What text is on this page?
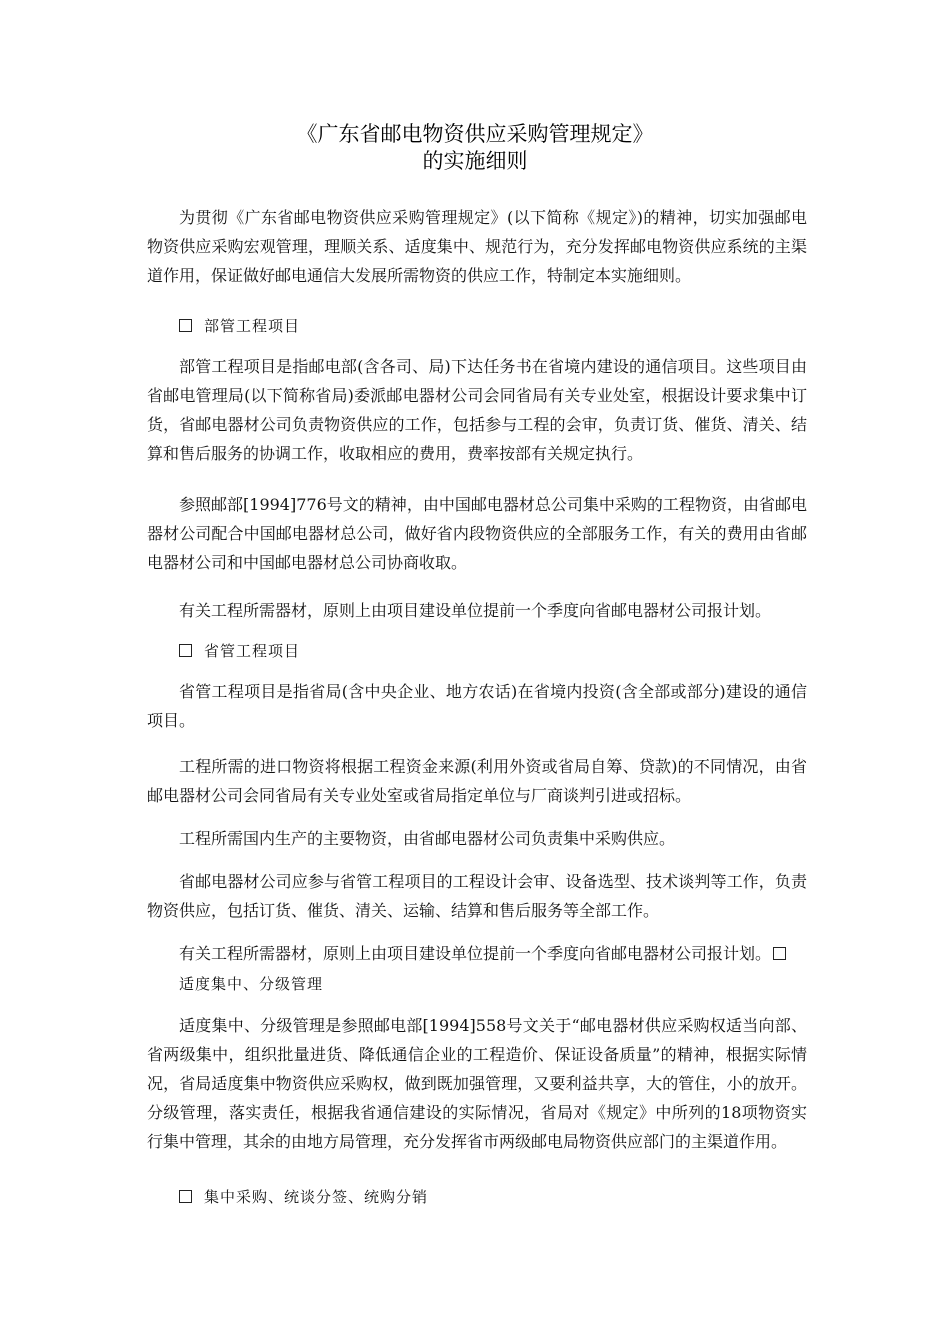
《广东省邮电物资供应采购管理规定》
的实施细则
为贯彻《广东省邮电物资供应采购管理规定》(以下简称《规定》)的精神，切实加强邮电物资供应采购宏观管理，理顺关系、适度集中、规范行为，充分发挥邮电物资供应系统的主渠道作用，保证做好邮电通信大发展所需物资的供应工作，特制定本实施细则。
部管工程项目
部管工程项目是指邮电部(含各司、局)下达任务书在省境内建设的通信项目。这些项目由省邮电管理局(以下简称省局)委派邮电器材公司会同省局有关专业处室，根据设计要求集中订货，省邮电器材公司负责物资供应的工作，包括参与工程的会审，负责订货、催货、清关、结算和售后服务的协调工作，收取相应的费用，费率按部有关规定执行。
参照邮部[1994]776号文的精神，由中国邮电器材总公司集中采购的工程物资，由省邮电器材公司配合中国邮电器材总公司，做好省内段物资供应的全部服务工作，有关的费用由省邮电器材公司和中国邮电器材总公司协商收取。
有关工程所需器材，原则上由项目建设单位提前一个季度向省邮电器材公司报计划。
省管工程项目
省管工程项目是指省局(含中央企业、地方农话)在省境内投资(含全部或部分)建设的通信项目。
工程所需的进口物资将根据工程资金来源(利用外资或省局自筹、贷款)的不同情况，由省邮电器材公司会同省局有关专业处室或省局指定单位与厂商谈判引进或招标。
工程所需国内生产的主要物资，由省邮电器材公司负责集中采购供应。
省邮电器材公司应参与省管工程项目的工程设计会审、设备选型、技术谈判等工作，负责物资供应，包括订货、催货、清关、运输、结算和售后服务等全部工作。
有关工程所需器材，原则上由项目建设单位提前一个季度向省邮电器材公司报计划。
适度集中、分级管理
适度集中、分级管理是参照邮电部[1994]558号文关于“邮电器材供应采购权适当向部、省两级集中，组织批量进货、降低通信企业的工程造价、保证设备质量”的精神，根据实际情况，省局适度集中物资供应采购权，做到既加强管理，又要利益共享，大的管住，小的放开。分级管理，落实责任，根据我省通信建设的实际情况，省局对《规定》中所列的18项物资实行集中管理，其余的由地方局管理，充分发挥省市两级邮电局物资供应部门的主渠道作用。
集中采购、统谈分签、统购分销
